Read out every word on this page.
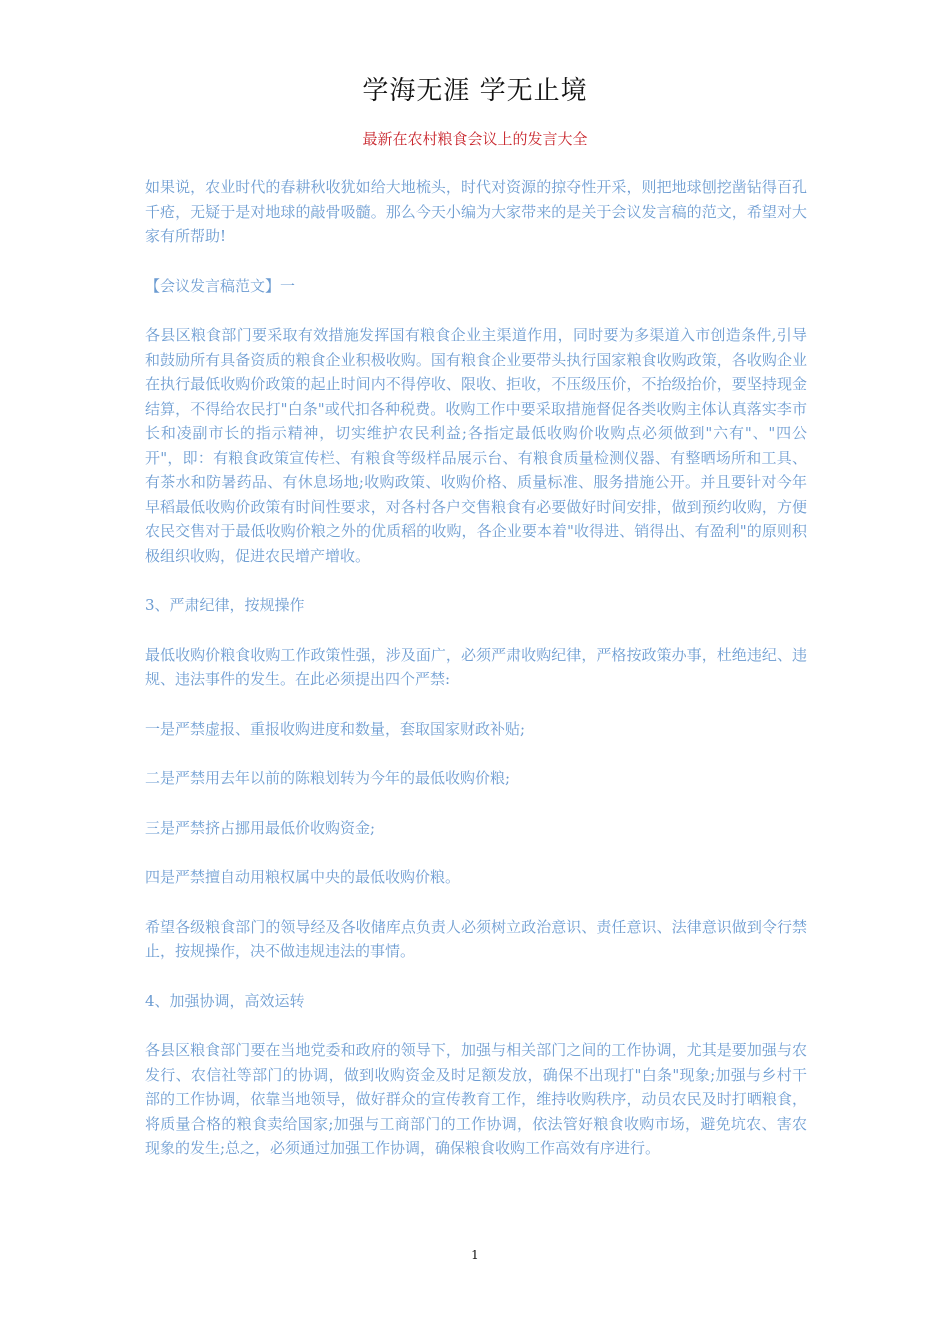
学海无涯 学无止境
最新在农村粮食会议上的发言大全

如果说，农业时代的春耕秋收犹如给大地梳头，时代对资源的掠夺性开采，则把地球刨挖凿钻得百孔千疮，无疑于是对地球的敲骨吸髓。那么今天小编为大家带来的是关于会议发言稿的范文，希望对大家有所帮助!

【会议发言稿范文】一

各县区粮食部门要采取有效措施发挥国有粮食企业主渠道作用，同时要为多渠道入市创造条件,引导和鼓励所有具备资质的粮食企业积极收购。国有粮食企业要带头执行国家粮食收购政策，各收购企业在执行最低收购价政策的起止时间内不得停收、限收、拒收，不压级压价，不抬级抬价，要坚持现金结算，不得给农民打"白条"或代扣各种税费。收购工作中要采取措施督促各类收购主体认真落实李市长和凌副市长的指示精神，切实维护农民利益;各指定最低收购价收购点必须做到"六有"、"四公开"，即：有粮食政策宣传栏、有粮食等级样品展示台、有粮食质量检测仪器、有整晒场所和工具、有茶水和防暑药品、有休息场地;收购政策、收购价格、质量标准、服务措施公开。并且要针对今年早稻最低收购价政策有时间性要求，对各村各户交售粮食有必要做好时间安排，做到预约收购，方便农民交售对于最低收购价粮之外的优质稻的收购，各企业要本着"收得进、销得出、有盈利"的原则积极组织收购，促进农民增产增收。

3、严肃纪律，按规操作

最低收购价粮食收购工作政策性强，涉及面广，必须严肃收购纪律，严格按政策办事，杜绝违纪、违规、违法事件的发生。在此必须提出四个严禁:

一是严禁虚报、重报收购进度和数量，套取国家财政补贴;

二是严禁用去年以前的陈粮划转为今年的最低收购价粮;

三是严禁挤占挪用最低价收购资金;

四是严禁擅自动用粮权属中央的最低收购价粮。

希望各级粮食部门的领导经及各收储库点负责人必须树立政治意识、责任意识、法律意识做到令行禁止，按规操作，决不做违规违法的事情。

4、加强协调，高效运转

各县区粮食部门要在当地党委和政府的领导下，加强与相关部门之间的工作协调，尤其是要加强与农发行、农信社等部门的协调，做到收购资金及时足额发放，确保不出现打"白条"现象;加强与乡村干部的工作协调，依靠当地领导，做好群众的宣传教育工作，维持收购秩序，动员农民及时打晒粮食，将质量合格的粮食卖给国家;加强与工商部门的工作协调，依法管好粮食收购市场，避免坑农、害农现象的发生;总之，必须通过加强工作协调，确保粮食收购工作高效有序进行。

1
